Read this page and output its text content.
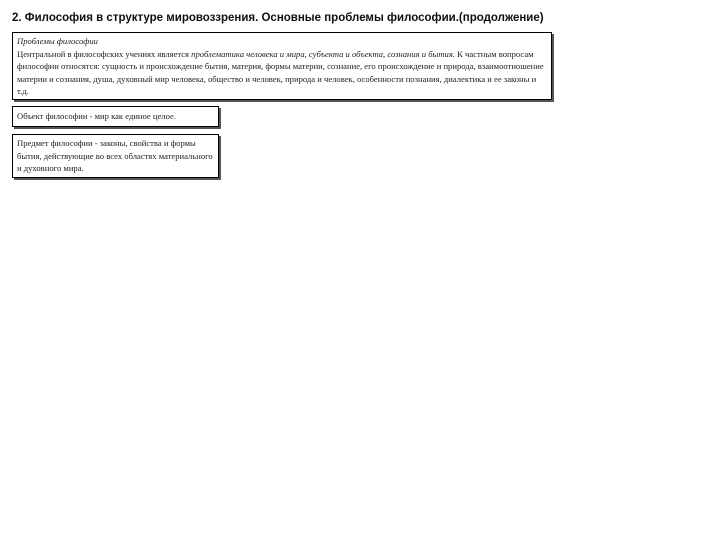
2. Философия в структуре мировоззрения. Основные проблемы философии.(продолжение)
Проблемы философии
Центральной в философских учениях является проблематика человека и мира, субъекта и объекта, сознания и бытия. К частным вопросам философии относятся: сущность и происхождение бытия, материя, формы материи, сознание, его происхождение и природа, взаимоотношение материи и сознания, душа, духовный мир человека, общество и человек, природа и человек, особенности познания, диалектика и ее законы и т.д.
Объект философии - мир как единое целое.
Предмет философии - законы, свойства и формы бытия, действующие во всех областях материального и духовного мира.
